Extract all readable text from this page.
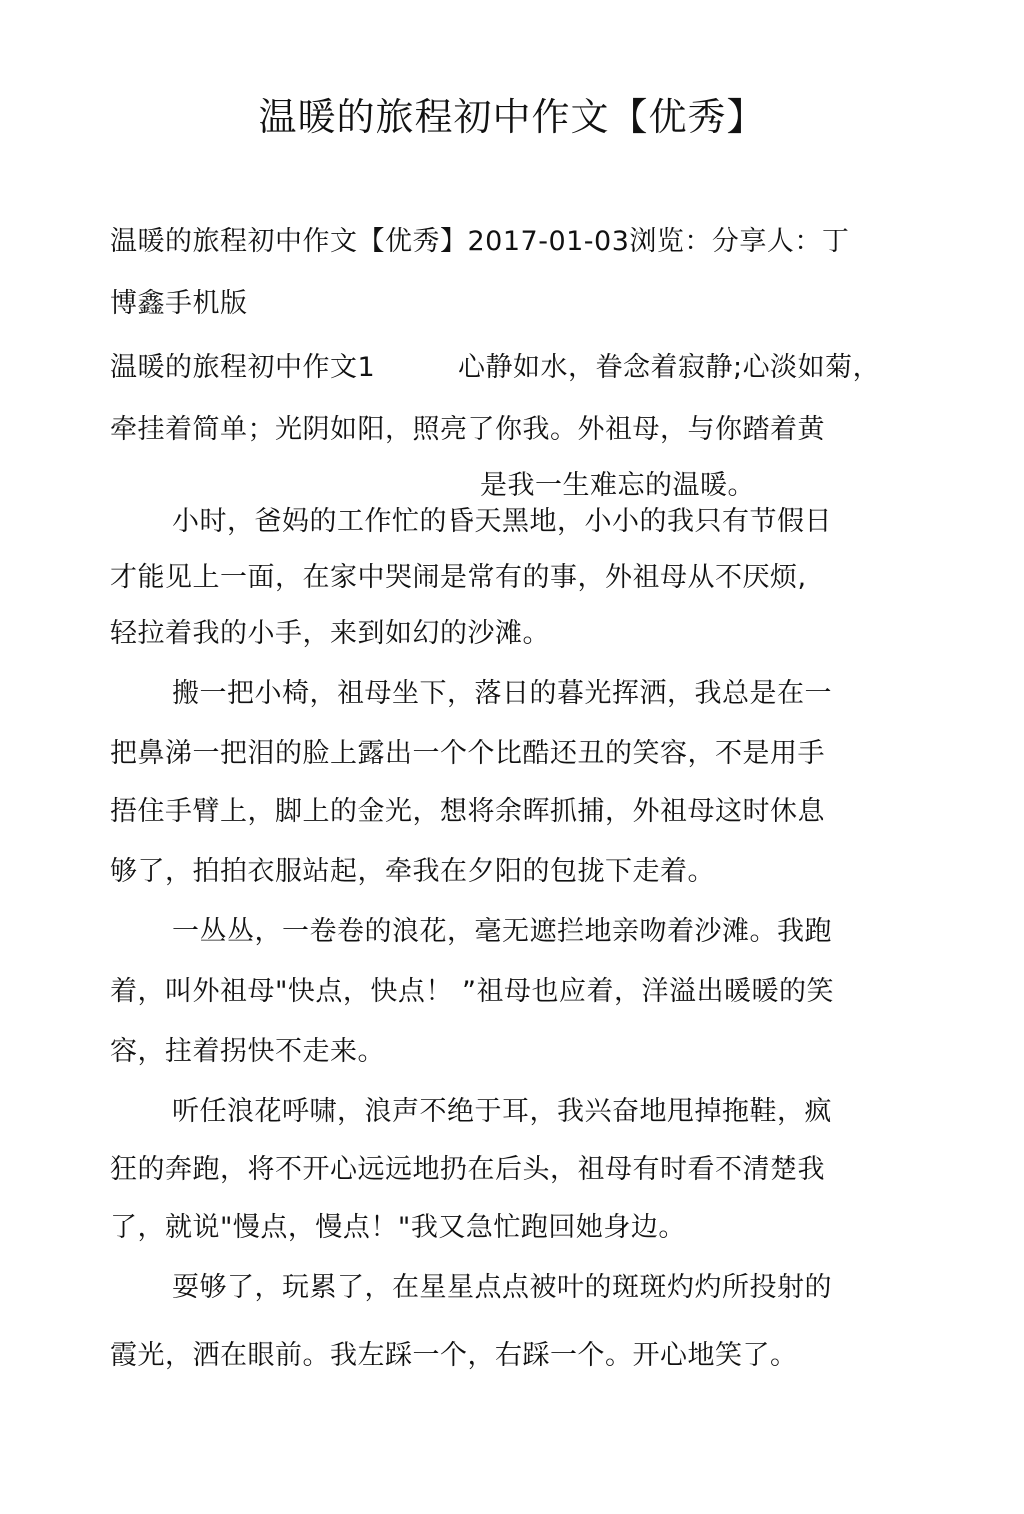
温暖的旅程初中作文【优秀】
温暖的旅程初中作文【优秀】2017-01-03浏览：分享人：丁
博鑫手机版
温暖的旅程初中作文1	心静如水，眷念着寂静;心淡如菊，
牵挂着简单；光阴如阳，照亮了你我。外祖母，与你踏着黄
是我一生难忘的温暖。
小时，爸妈的工作忙的昏天黑地，小小的我只有节假日
才能见上一面，在家中哭闹是常有的事，外祖母从不厌烦,
轻拉着我的小手，来到如幻的沙滩。
搬一把小椅，祖母坐下，落日的暮光挥洒，我总是在一
把鼻涕一把泪的脸上露出一个个比酷还丑的笑容，不是用手
捂住手臂上，脚上的金光，想将余晖抓捕，外祖母这时休息
够了，拍拍衣服站起，牵我在夕阳的包拢下走着。
一丛丛，一卷卷的浪花，毫无遮拦地亲吻着沙滩。我跑
着，叫外祖母"快点，快点！ ”祖母也应着，洋溢出暖暖的笑
容，拄着拐快不走来。
听任浪花呼啸，浪声不绝于耳，我兴奋地甩掉拖鞋，疯
狂的奔跑，将不开心远远地扔在后头，祖母有时看不清楚我
了，就说"慢点，慢点！"我又急忙跑回她身边。
耍够了，玩累了，在星星点点被叶的斑斑灼灼所投射的
霞光，洒在眼前。我左踩一个，右踩一个。开心地笑了。
